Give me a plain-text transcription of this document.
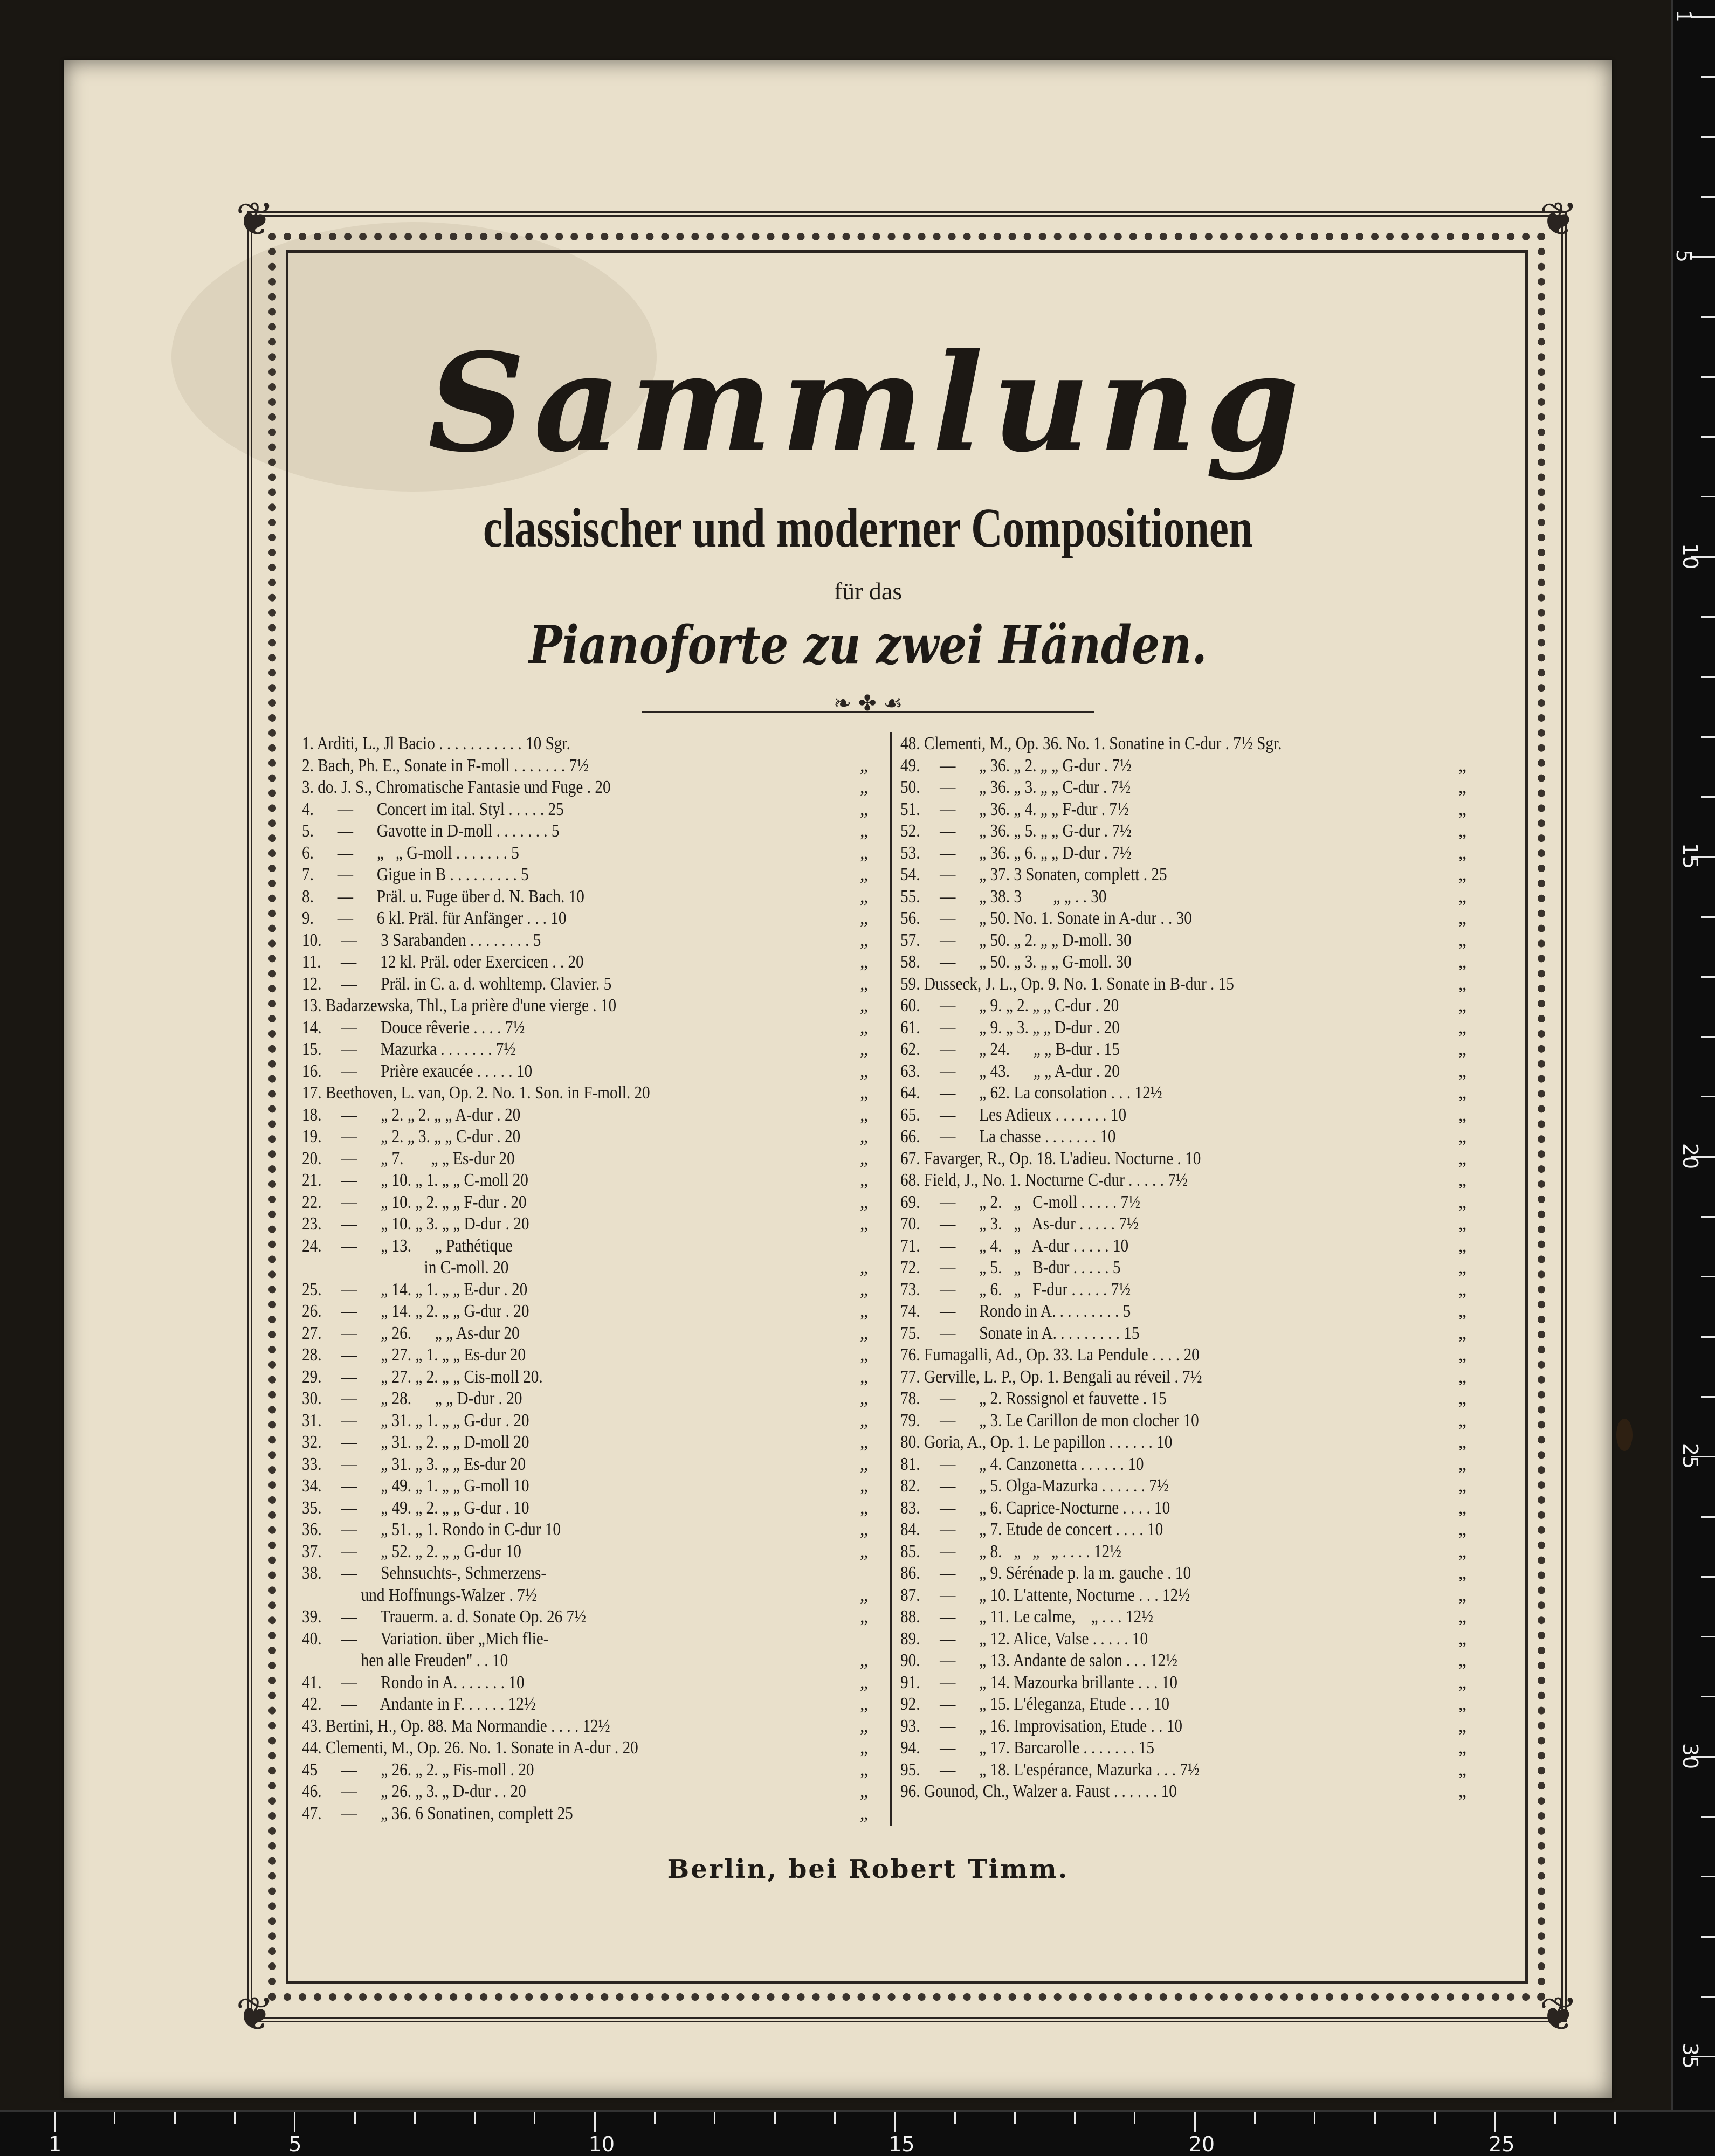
❦	❦
❦	❦
Sammlung
classischer und moderner Compositionen
für das
Pianoforte zu zwei Händen.
❧ ✤ ☙
1. Arditi, L., Jl Bacio . . . . . . . . . . . 10 Sgr.
2. Bach, Ph. E., Sonate in F-moll . . . . . . . 7½	„
3. do. J. S., Chromatische Fantasie und Fuge . 20	„
4.      —      Concert im ital. Styl . . . . . 25	„
5.      —      Gavotte in D-moll . . . . . . . 5	„
6.      —      „   „ G-moll . . . . . . . 5	„
7.      —      Gigue in B . . . . . . . . . 5	„
8.      —      Präl. u. Fuge über d. N. Bach. 10	„
9.      —      6 kl. Präl. für Anfänger . . . 10	„
10.     —      3 Sarabanden . . . . . . . . 5	„
11.     —      12 kl. Präl. oder Exercicen . . 20	„
12.     —      Präl. in C. a. d. wohltemp. Clavier. 5	„
13. Badarzewska, Thl., La prière d'une vierge . 10	„
14.     —      Douce rêverie . . . . 7½	„
15.     —      Mazurka . . . . . . . 7½	„
16.     —      Prière exaucée . . . . . 10	„
17. Beethoven, L. van, Op. 2. No. 1. Son. in F-moll. 20	„
18.     —      „ 2. „ 2. „ „ A-dur . 20	„
19.     —      „ 2. „ 3. „ „ C-dur . 20	„
20.     —      „ 7.       „ „ Es-dur 20	„
21.     —      „ 10. „ 1. „ „ C-moll 20	„
22.     —      „ 10. „ 2. „ „ F-dur . 20	„
23.     —      „ 10. „ 3. „ „ D-dur . 20	„
24.     —      „ 13.      „ Pathétique
in C-moll. 20	„
25.     —      „ 14. „ 1. „ „ E-dur . 20	„
26.     —      „ 14. „ 2. „ „ G-dur . 20	„
27.     —      „ 26.      „ „ As-dur 20	„
28.     —      „ 27. „ 1. „ „ Es-dur 20	„
29.     —      „ 27. „ 2. „ „ Cis-moll 20.	„
30.     —      „ 28.      „ „ D-dur . 20	„
31.     —      „ 31. „ 1. „ „ G-dur . 20	„
32.     —      „ 31. „ 2. „ „ D-moll 20	„
33.     —      „ 31. „ 3. „ „ Es-dur 20	„
34.     —      „ 49. „ 1. „ „ G-moll 10	„
35.     —      „ 49. „ 2. „ „ G-dur . 10	„
36.     —      „ 51. „ 1. Rondo in C-dur 10	„
37.     —      „ 52. „ 2. „ „ G-dur 10	„
38.     —      Sehnsuchts-, Schmerzens-
und Hoffnungs-Walzer . 7½	„
39.     —      Trauerm. a. d. Sonate Op. 26 7½	„
40.     —      Variation. über „Mich flie-
hen alle Freuden" . . 10	„
41.     —      Rondo in A. . . . . . . 10	„
42.     —      Andante in F. . . . . . 12½	„
43. Bertini, H., Op. 88. Ma Normandie . . . . 12½	„
44. Clementi, M., Op. 26. No. 1. Sonate in A-dur . 20	„
45      —      „ 26. „ 2. „ Fis-moll . 20	„
46.     —      „ 26. „ 3. „ D-dur . . 20	„
47.     —      „ 36. 6 Sonatinen, complett 25	„
48. Clementi, M., Op. 36. No. 1. Sonatine in C-dur . 7½ Sgr.
49.     —      „ 36. „ 2. „ „ G-dur . 7½	„
50.     —      „ 36. „ 3. „ „ C-dur . 7½	„
51.     —      „ 36. „ 4. „ „ F-dur . 7½	„
52.     —      „ 36. „ 5. „ „ G-dur . 7½	„
53.     —      „ 36. „ 6. „ „ D-dur . 7½	„
54.     —      „ 37. 3 Sonaten, complett . 25	„
55.     —      „ 38. 3        „ „ . . 30	„
56.     —      „ 50. No. 1. Sonate in A-dur . . 30	„
57.     —      „ 50. „ 2. „ „ D-moll. 30	„
58.     —      „ 50. „ 3. „ „ G-moll. 30	„
59. Dusseck, J. L., Op. 9. No. 1. Sonate in B-dur . 15	„
60.     —      „ 9. „ 2. „ „ C-dur . 20	„
61.     —      „ 9. „ 3. „ „ D-dur . 20	„
62.     —      „ 24.      „ „ B-dur . 15	„
63.     —      „ 43.      „ „ A-dur . 20	„
64.     —      „ 62. La consolation . . . 12½	„
65.     —      Les Adieux . . . . . . . 10	„
66.     —      La chasse . . . . . . . 10	„
67. Favarger, R., Op. 18. L'adieu. Nocturne . 10	„
68. Field, J., No. 1. Nocturne C-dur . . . . . 7½	„
69.     —      „ 2.   „   C-moll . . . . . 7½	„
70.     —      „ 3.   „   As-dur . . . . . 7½	„
71.     —      „ 4.   „   A-dur . . . . . 10	„
72.     —      „ 5.   „   B-dur . . . . . 5	„
73.     —      „ 6.   „   F-dur . . . . . 7½	„
74.     —      Rondo in A. . . . . . . . . 5	„
75.     —      Sonate in A. . . . . . . . . 15	„
76. Fumagalli, Ad., Op. 33. La Pendule . . . . 20	„
77. Gerville, L. P., Op. 1. Bengali au réveil . 7½	„
78.     —      „ 2. Rossignol et fauvette . 15	„
79.     —      „ 3. Le Carillon de mon clocher 10	„
80. Goria, A., Op. 1. Le papillon . . . . . . 10	„
81.     —      „ 4. Canzonetta . . . . . . 10	„
82.     —      „ 5. Olga-Mazurka . . . . . . 7½	„
83.     —      „ 6. Caprice-Nocturne . . . . 10	„
84.     —      „ 7. Etude de concert . . . . 10	„
85.     —      „ 8.   „   „   „ . . . . 12½	„
86.     —      „ 9. Sérénade p. la m. gauche . 10	„
87.     —      „ 10. L'attente, Nocturne . . . 12½	„
88.     —      „ 11. Le calme,    „ . . . 12½	„
89.     —      „ 12. Alice, Valse . . . . . 10	„
90.     —      „ 13. Andante de salon . . . 12½	„
91.     —      „ 14. Mazourka brillante . . . 10	„
92.     —      „ 15. L'éleganza, Etude . . . 10	„
93.     —      „ 16. Improvisation, Etude . . 10	„
94.     —      „ 17. Barcarolle . . . . . . . 15	„
95.     —      „ 18. L'espérance, Mazurka . . . 7½	„
96. Gounod, Ch., Walzer a. Faust . . . . . . 10	„
Berlin, bei Robert Timm.
1
5
10
15
20
25
30
35
1	5	10	15	20	25
